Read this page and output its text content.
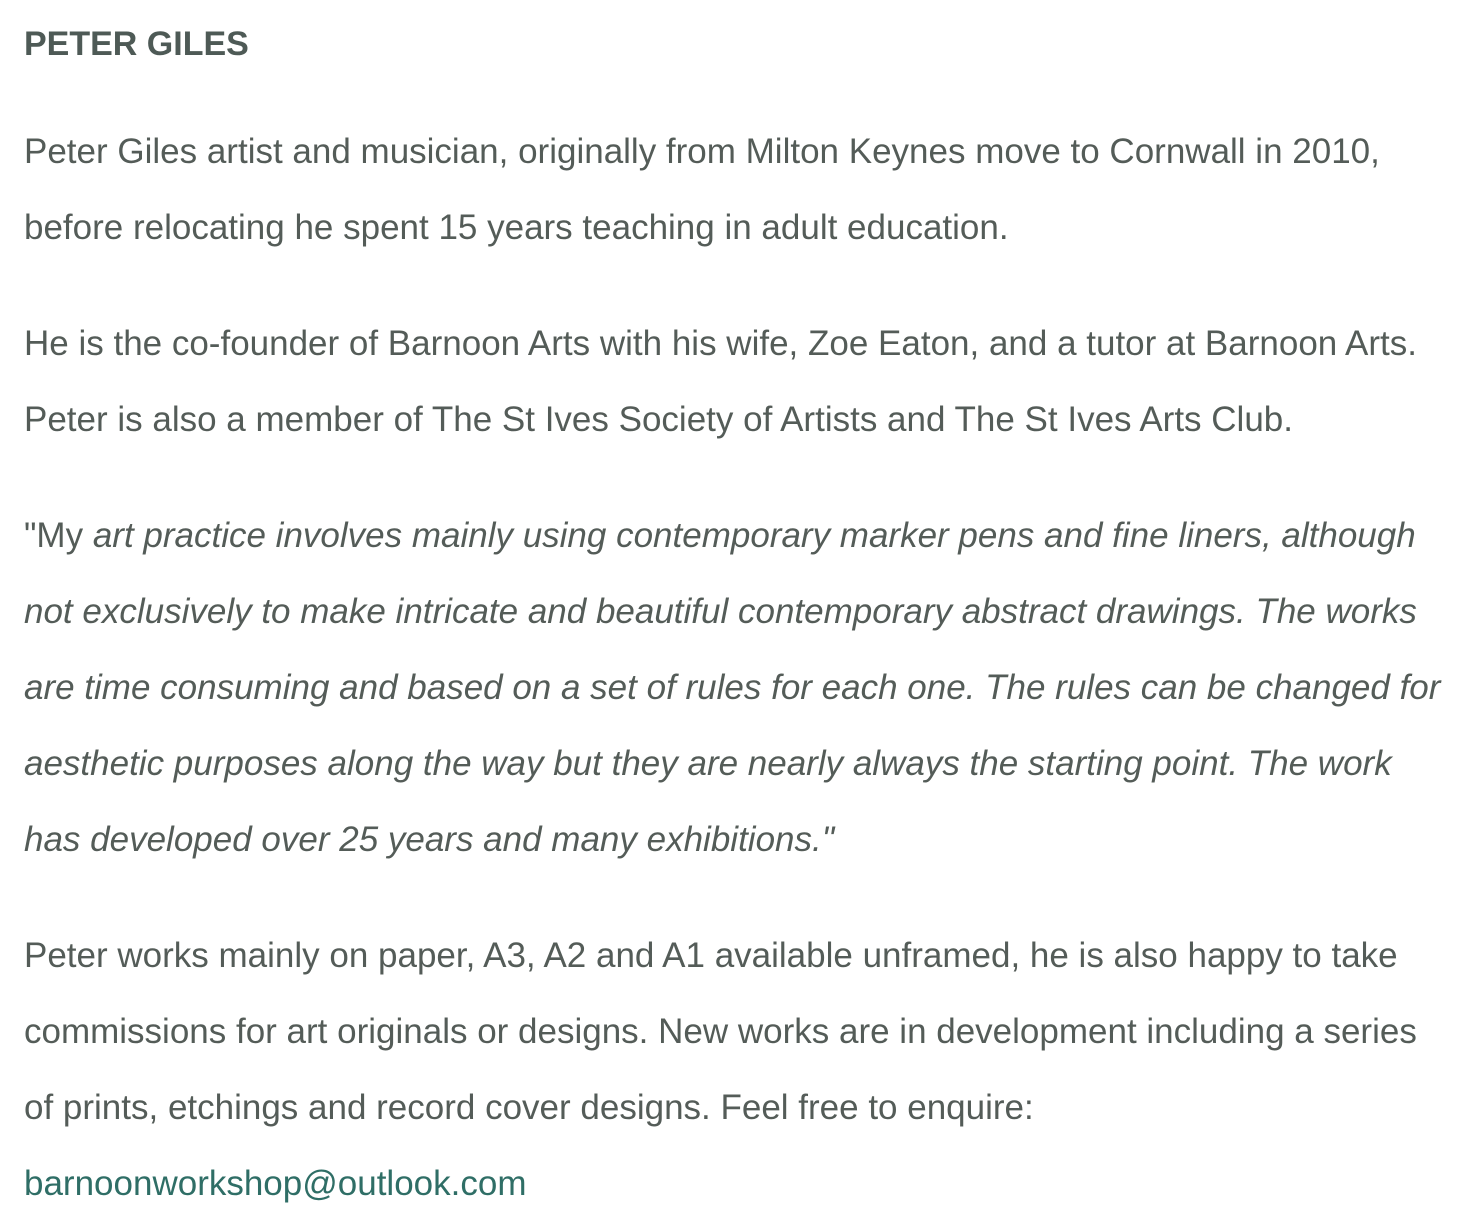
PETER GILES

Peter Giles artist and musician, originally from Milton Keynes move to Cornwall in 2010, before relocating he spent 15 years teaching in adult education.

He is the co-founder of Barnoon Arts with his wife, Zoe Eaton, and a tutor at Barnoon Arts. Peter is also a member of The St Ives Society of Artists and The St Ives Arts Club.

"My art practice involves mainly using contemporary marker pens and fine liners, although not exclusively to make intricate and beautiful contemporary abstract drawings. The works are time consuming and based on a set of rules for each one. The rules can be changed for aesthetic purposes along the way but they are nearly always the starting point. The work has developed over 25 years and many exhibitions."

Peter works mainly on paper, A3, A2 and A1 available unframed, he is also happy to take commissions for art originals or designs. New works are in development including a series of prints, etchings and record cover designs. Feel free to enquire:

barnoonworkshop@outlook.com
